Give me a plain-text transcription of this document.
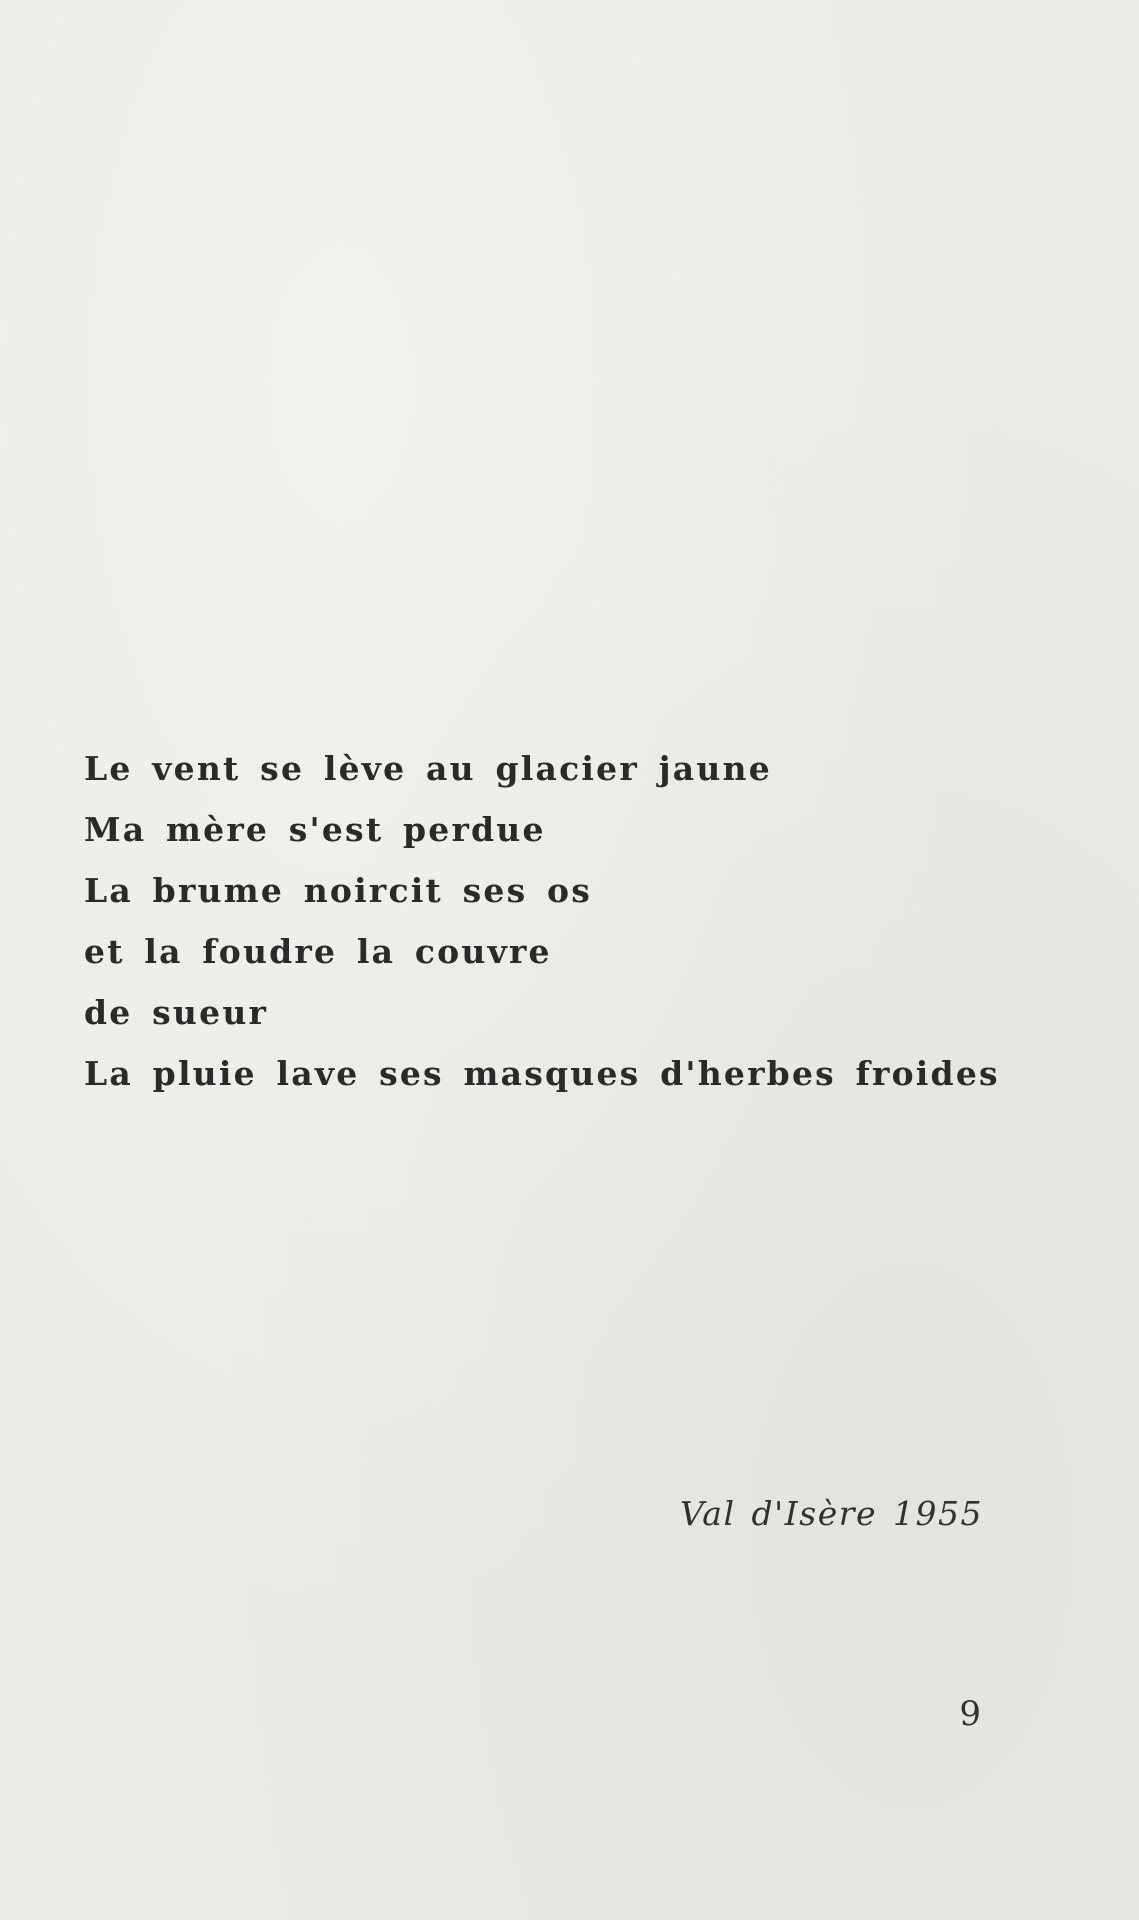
Le vent se lève au glacier jaune
Ma mère s'est perdue
La brume noircit ses os
et la foudre la couvre
de sueur
La pluie lave ses masques d'herbes froides
Val d'Isère 1955
9
